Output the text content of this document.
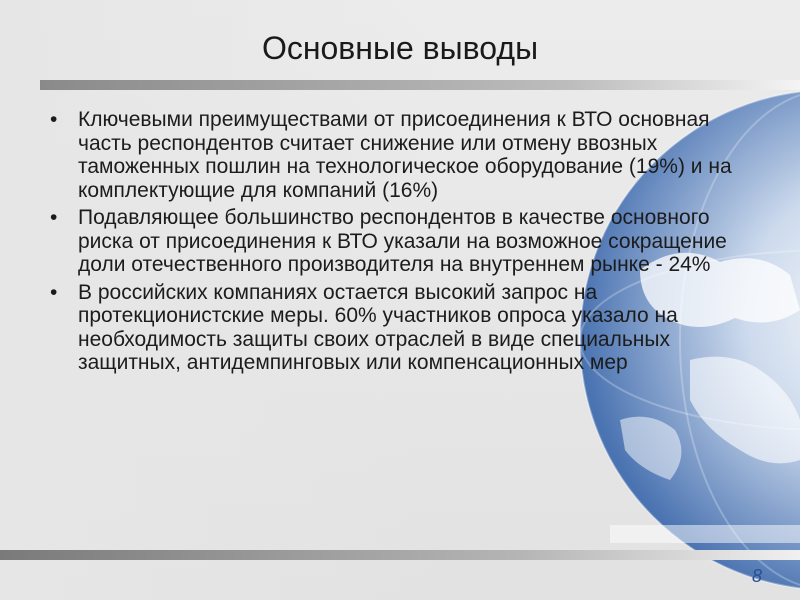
Основные выводы
• Ключевыми преимуществами от присоединения к ВТО основная часть респондентов считает снижение или отмену ввозных таможенных пошлин на технологическое оборудование (19%) и на комплектующие для компаний (16%)
• Подавляющее большинство респондентов в качестве основного риска от присоединения к ВТО указали на возможное сокращение доли отечественного производителя на внутреннем рынке - 24%
• В российских компаниях остается высокий запрос на протекционистские меры. 60% участников опроса указало на необходимость защиты своих отраслей в виде специальных защитных, антидемпинговых или компенсационных мер
8
